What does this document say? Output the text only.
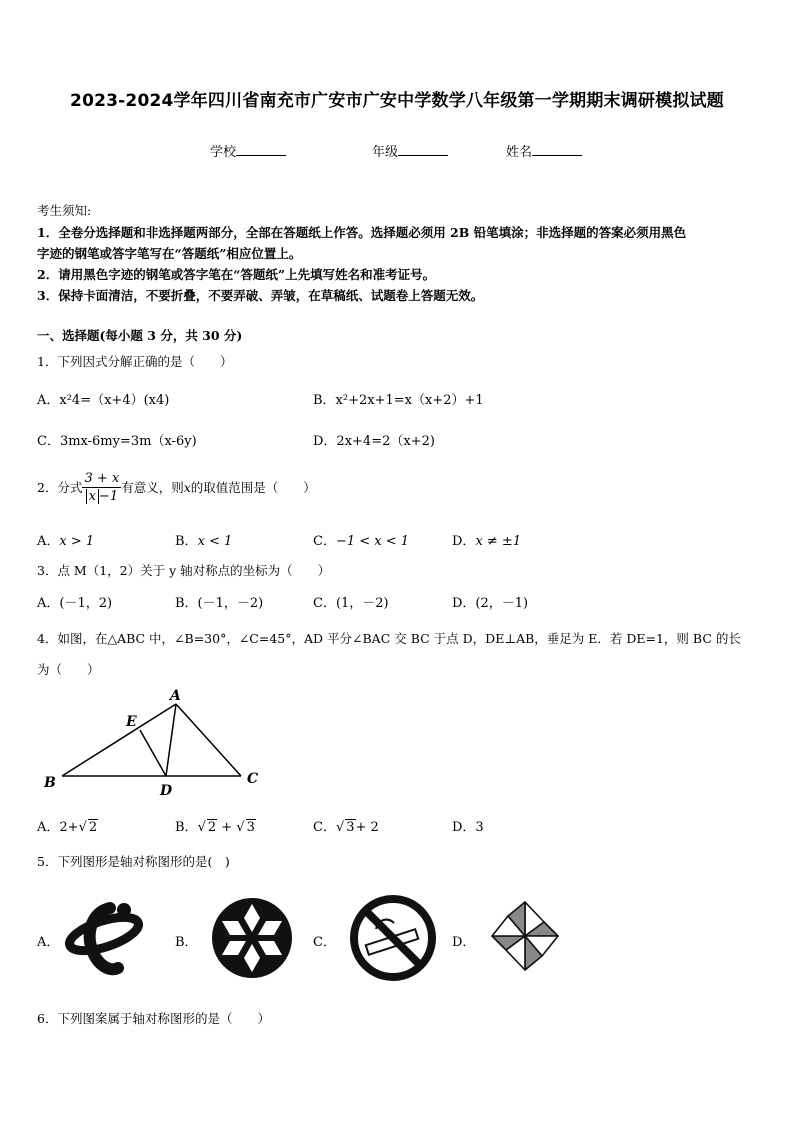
2023-2024学年四川省南充市广安市广安中学数学八年级第一学期期末调研模拟试题
学校	年级	姓名
考生须知:
1．全卷分选择题和非选择题两部分，全部在答题纸上作答。选择题必须用 2B 铅笔填涂；非选择题的答案必须用黑色
字迹的钢笔或答字笔写在“答题纸”相应位置上。
2．请用黑色字迹的钢笔或答字笔在“答题纸”上先填写姓名和准考证号。
3．保持卡面清洁，不要折叠，不要弄破、弄皱，在草稿纸、试题卷上答题无效。
一、选择题(每小题 3 分，共 30 分)
1．下列因式分解正确的是（　　）
A．x²4=（x+4）(x4)	B．x²+2x+1=x（x+2）+1
C．3mx-6my=3m（x-6y)	D．2x+4=2（x+2)
2．分式 $\frac{3 + x}{x -1}$ 有意义，则x的取值范围是（　　）
A．x > 1	B．x < 1	C．−1 < x < 1	D．x ≠ ±1
3．点 M（1，2）关于 y 轴对称点的坐标为（　　）
A．(－1，2)	B．(－1，－2)	C．(1，－2)	D．(2，－1)
4．如图，在△ABC 中，∠B=30°，∠C=45°，AD 平分∠BAC 交 BC 于点 D，DE⊥AB，垂足为 E．若 DE=1，则 BC 的长
为（　　）
A
B	C
D
E
A．2+√ 2	B．√ 2 + √ 3	C．√ 3+ 2	D．3
5．下列图形是轴对称图形的是(　)
A．	B．	C．	D．
6．下列图案属于轴对称图形的是（　　）
